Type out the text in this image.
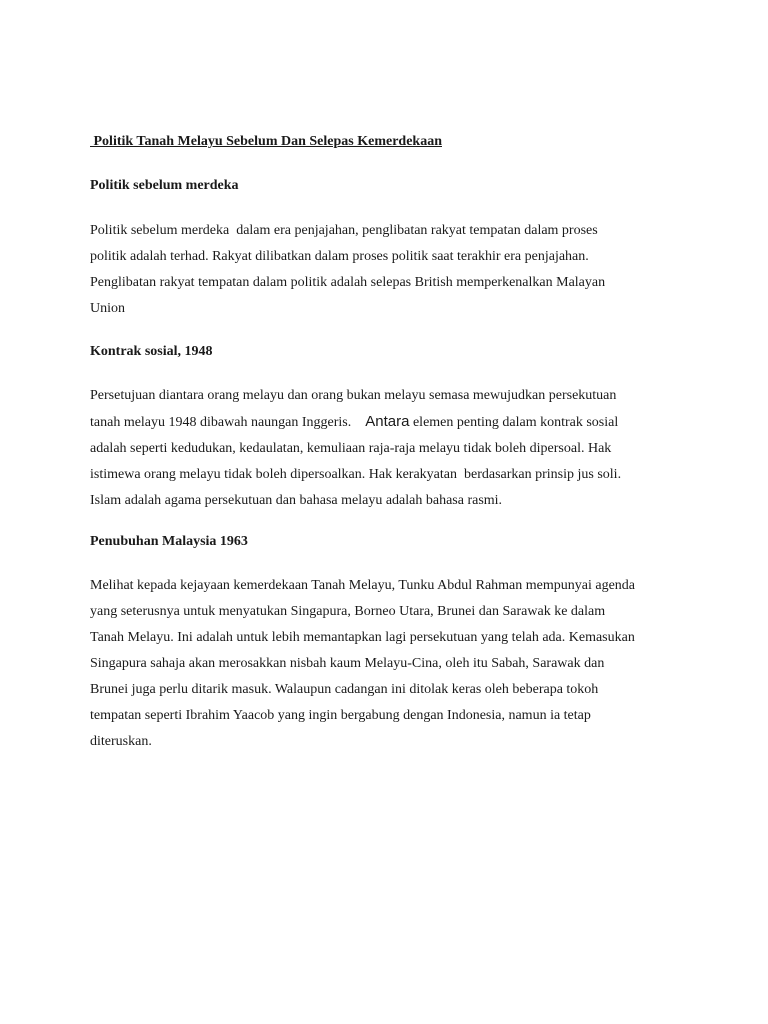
Politik Tanah Melayu Sebelum Dan Selepas Kemerdekaan
Politik sebelum merdeka
Politik sebelum merdeka  dalam era penjajahan, penglibatan rakyat tempatan dalam proses
politik adalah terhad. Rakyat dilibatkan dalam proses politik saat terakhir era penjajahan.
Penglibatan rakyat tempatan dalam politik adalah selepas British memperkenalkan Malayan
Union
Kontrak sosial, 1948
Persetujuan diantara orang melayu dan orang bukan melayu semasa mewujudkan persekutuan
tanah melayu 1948 dibawah naungan Inggeris. Antara elemen penting dalam kontrak sosial
adalah seperti kedudukan, kedaulatan, kemuliaan raja-raja melayu tidak boleh dipersoal. Hak
istimewa orang melayu tidak boleh dipersoalkan. Hak kerakyatan  berdasarkan prinsip jus soli.
Islam adalah agama persekutuan dan bahasa melayu adalah bahasa rasmi.
Penubuhan Malaysia 1963
Melihat kepada kejayaan kemerdekaan Tanah Melayu, Tunku Abdul Rahman mempunyai agenda
yang seterusnya untuk menyatukan Singapura, Borneo Utara, Brunei dan Sarawak ke dalam
Tanah Melayu. Ini adalah untuk lebih memantapkan lagi persekutuan yang telah ada. Kemasukan
Singapura sahaja akan merosakkan nisbah kaum Melayu-Cina, oleh itu Sabah, Sarawak dan
Brunei juga perlu ditarik masuk. Walaupun cadangan ini ditolak keras oleh beberapa tokoh
tempatan seperti Ibrahim Yaacob yang ingin bergabung dengan Indonesia, namun ia tetap
diteruskan.
